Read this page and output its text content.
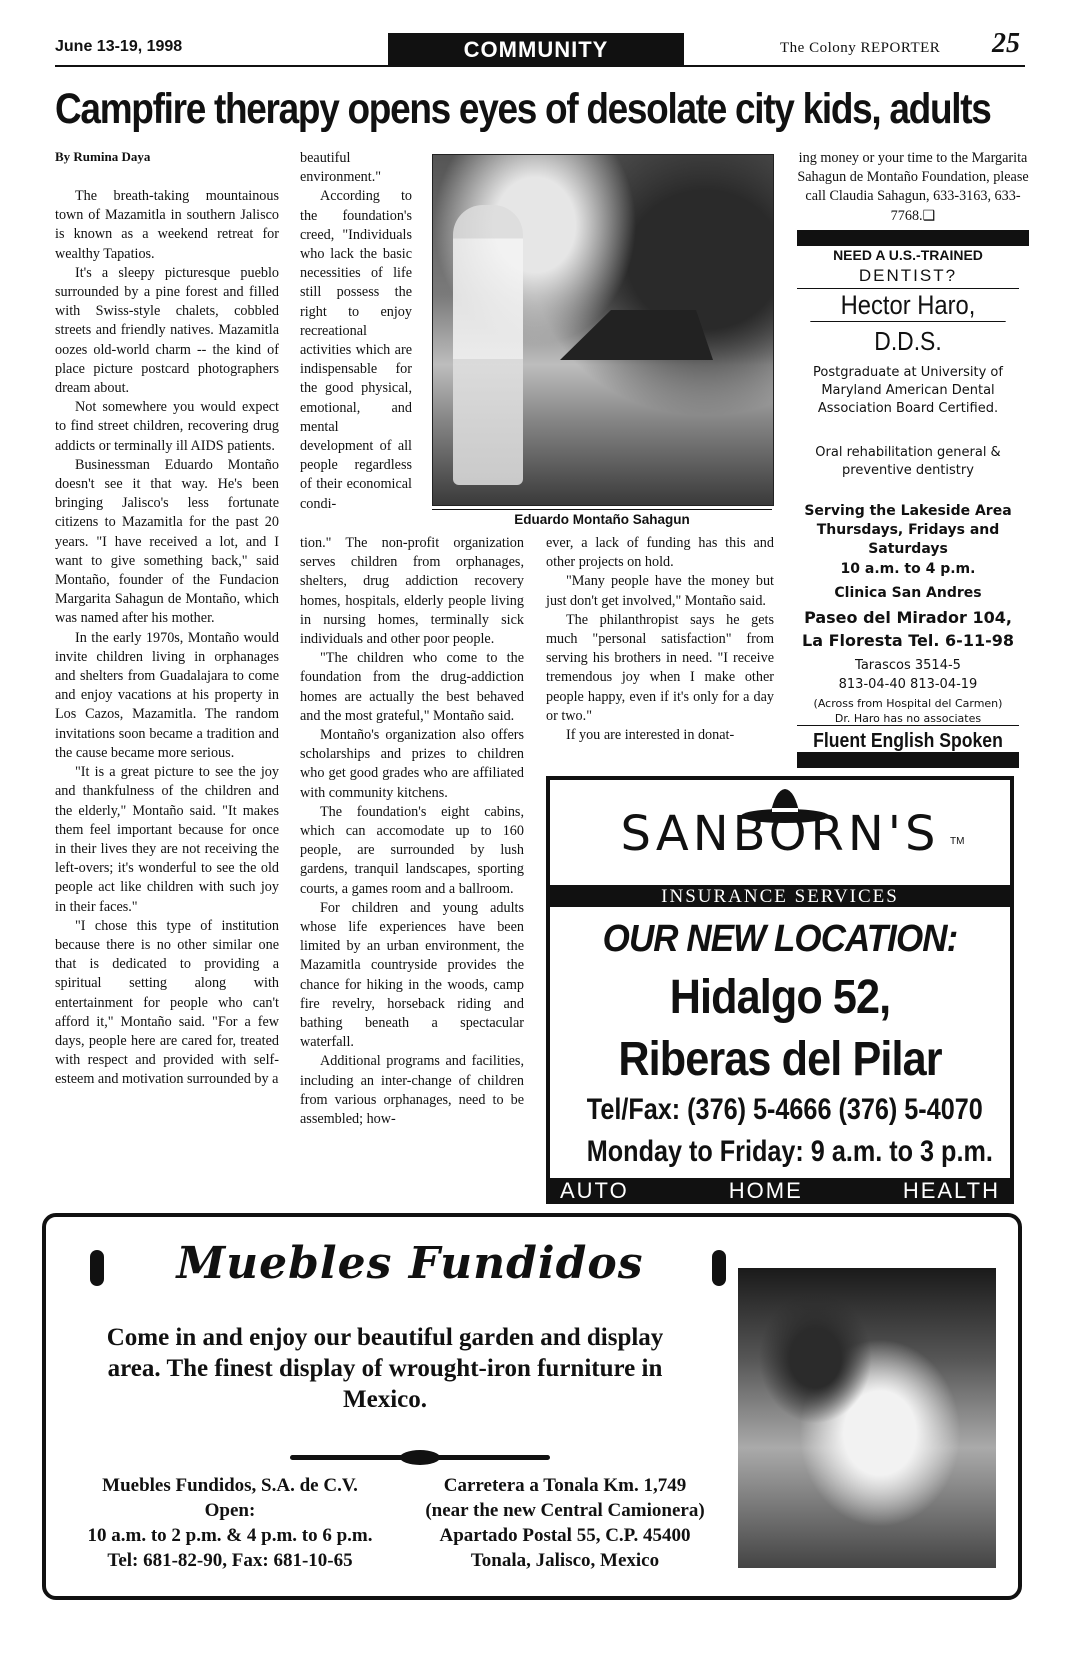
June 13-19, 1998	COMMUNITY	The Colony REPORTER 25
Campfire therapy opens eyes of desolate city kids, adults
By Rumina Daya

The breath-taking mountainous town of Mazamitla in southern Jalisco is known as a weekend retreat for wealthy Tapatios.

It's a sleepy picturesque pueblo surrounded by a pine forest and filled with Swiss-style chalets, cobbled streets and friendly natives. Mazamitla oozes old-world charm -- the kind of place picture postcard photographers dream about.

Not somewhere you would expect to find street children, recovering drug addicts or terminally ill AIDS patients.

Businessman Eduardo Montaño doesn't see it that way. He's been bringing Jalisco's less fortunate citizens to Mazamitla for the past 20 years. "I have received a lot, and I want to give something back," said Montaño, founder of the Fundacion Margarita Sahagun de Montaño, which was named after his mother.

In the early 1970s, Montaño would invite children living in orphanages and shelters from Guadalajara to come and enjoy vacations at his property in Los Cazos, Mazamitla. The random invitations soon became a tradition and the cause became more serious.

"It is a great picture to see the joy and thankfulness of the children and the elderly," Montaño said. "It makes them feel important because for once in their lives they are not receiving the left-overs; it's wonderful to see the old people act like children with such joy in their faces."

"I chose this type of institution because there is no other similar one that is dedicated to providing a spiritual setting along with entertainment for people who can't afford it," Montaño said. "For a few days, people here are cared for, treated with respect and provided with self-esteem and motivation surrounded by a

beautiful environment."

According to the foundation's creed, "Individuals who lack the basic necessities of life still possess the right to enjoy recreational activities which are indispensable for the good physical, emotional, and mental development of all people regardless of their economical condi-

Eduardo Montaño Sahagun

tion." The non-profit organization serves children from orphanages, shelters, drug addiction recovery homes, hospitals, elderly people living in nursing homes, terminally sick individuals and other poor people.

"The children who come to the foundation from the drug-addiction homes are actually the best behaved and the most grateful," Montaño said.

Montaño's organization also offers scholarships and prizes to children who get good grades who are affiliated with community kitchens.

The foundation's eight cabins, which can accomodate up to 160 people, are surrounded by lush gardens, tranquil landscapes, sporting courts, a games room and a ballroom.

For children and young adults whose life experiences have been limited by an urban environment, the Mazamitla countryside provides the chance for hiking in the woods, camp fire revelry, horseback riding and bathing beneath a spectacular waterfall.

Additional programs and facilities, including an inter-change of children from various orphanages, need to be assembled; how-

ever, a lack of funding has this and other projects on hold.

"Many people have the money but just don't get involved," Montaño said.

The philanthropist says he gets much "personal satisfaction" from serving his brothers in need. "I receive tremendous joy when I make other people happy, even if it's only for a day or two."

If you are interested in donat-

ing money or your time to the Margarita Sahagun de Montaño Foundation, please call Claudia Sahagun, 633-3163, 633-7768.❑

NEED A U.S.-TRAINED
DENTIST?
Hector Haro,
D.D.S.
Postgraduate at University of Maryland American Dental Association Board Certified.
Oral rehabilitation general & preventive dentistry
Serving the Lakeside Area
Thursdays, Fridays and Saturdays
10 a.m. to 4 p.m.
Clinica San Andres
Paseo del Mirador 104, La Floresta Tel. 6-11-98
Tarascos 3514-5
813-04-40 813-04-19
(Across from Hospital del Carmen)
Dr. Haro has no associates
Fluent English Spoken
SANBORN'S	TM
INSURANCE SERVICES
OUR NEW LOCATION:
Hidalgo 52,
Riberas del Pilar
Tel/Fax: (376) 5-4666 (376) 5-4070
Monday to Friday: 9 a.m. to 3 p.m.
AUTO	HOME	HEALTH
Muebles Fundidos
Come in and enjoy our beautiful garden and display area. The finest display of wrought-iron furniture in Mexico.
Muebles Fundidos, S.A. de C.V.
Open:
10 a.m. to 2 p.m. & 4 p.m. to 6 p.m.
Tel: 681-82-90, Fax: 681-10-65
Carretera a Tonala Km. 1,749
(near the new Central Camionera)
Apartado Postal 55, C.P. 45400
Tonala, Jalisco, Mexico
